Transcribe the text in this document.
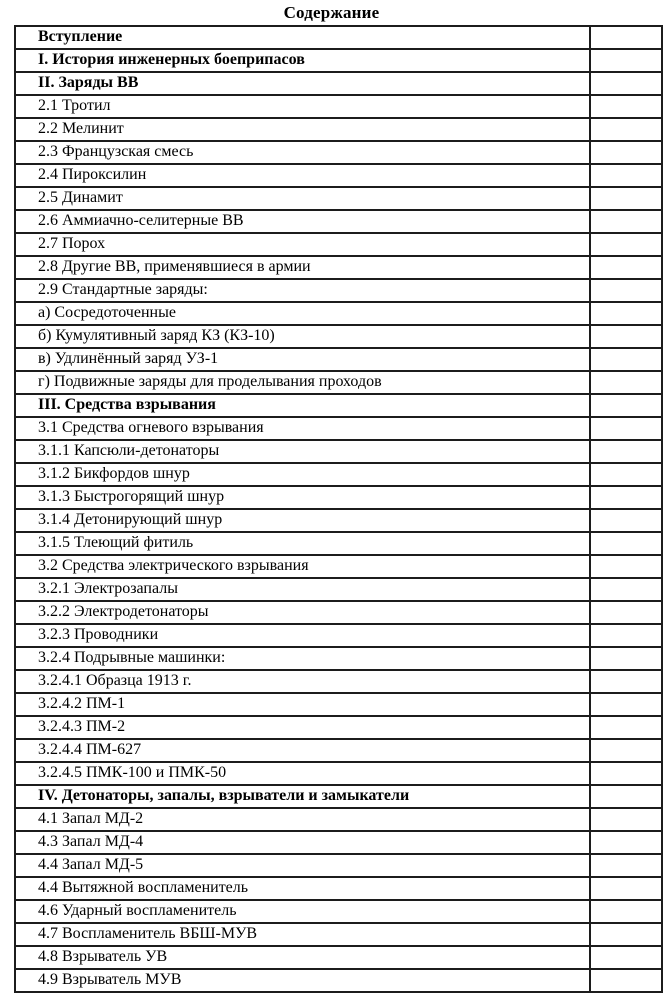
Содержание
Вступление	
I. История инженерных боеприпасов	
II. Заряды ВВ	
2.1 Тротил	
2.2 Мелинит	
2.3 Французская смесь	
2.4 Пироксилин	
2.5 Динамит	
2.6 Аммиачно-селитерные ВВ	
2.7 Порох	
2.8 Другие ВВ, применявшиеся в армии	
2.9 Стандартные заряды:	
а) Сосредоточенные	
б) Кумулятивный заряд КЗ (КЗ-10)	
в) Удлинённый заряд УЗ-1	
г) Подвижные заряды для проделывания проходов	
III. Средства взрывания	
3.1 Средства огневого взрывания	
3.1.1 Капсюли-детонаторы	
3.1.2 Бикфордов шнур	
3.1.3 Быстрогорящий шнур	
3.1.4 Детонирующий шнур	
3.1.5 Тлеющий фитиль	
3.2 Средства электрического взрывания	
3.2.1 Электрозапалы	
3.2.2 Электродетонаторы	
3.2.3 Проводники	
3.2.4 Подрывные машинки:	
3.2.4.1 Образца 1913 г.	
3.2.4.2 ПМ-1	
3.2.4.3 ПМ-2	
3.2.4.4 ПМ-627	
3.2.4.5 ПМК-100 и ПМК-50	
IV. Детонаторы, запалы, взрыватели и замыкатели	
4.1 Запал МД-2	
4.3 Запал МД-4	
4.4 Запал МД-5	
4.4 Вытяжной воспламенитель	
4.6 Ударный воспламенитель	
4.7 Воспламенитель ВБШ-МУВ	
4.8 Взрыватель УВ	
4.9 Взрыватель МУВ	
